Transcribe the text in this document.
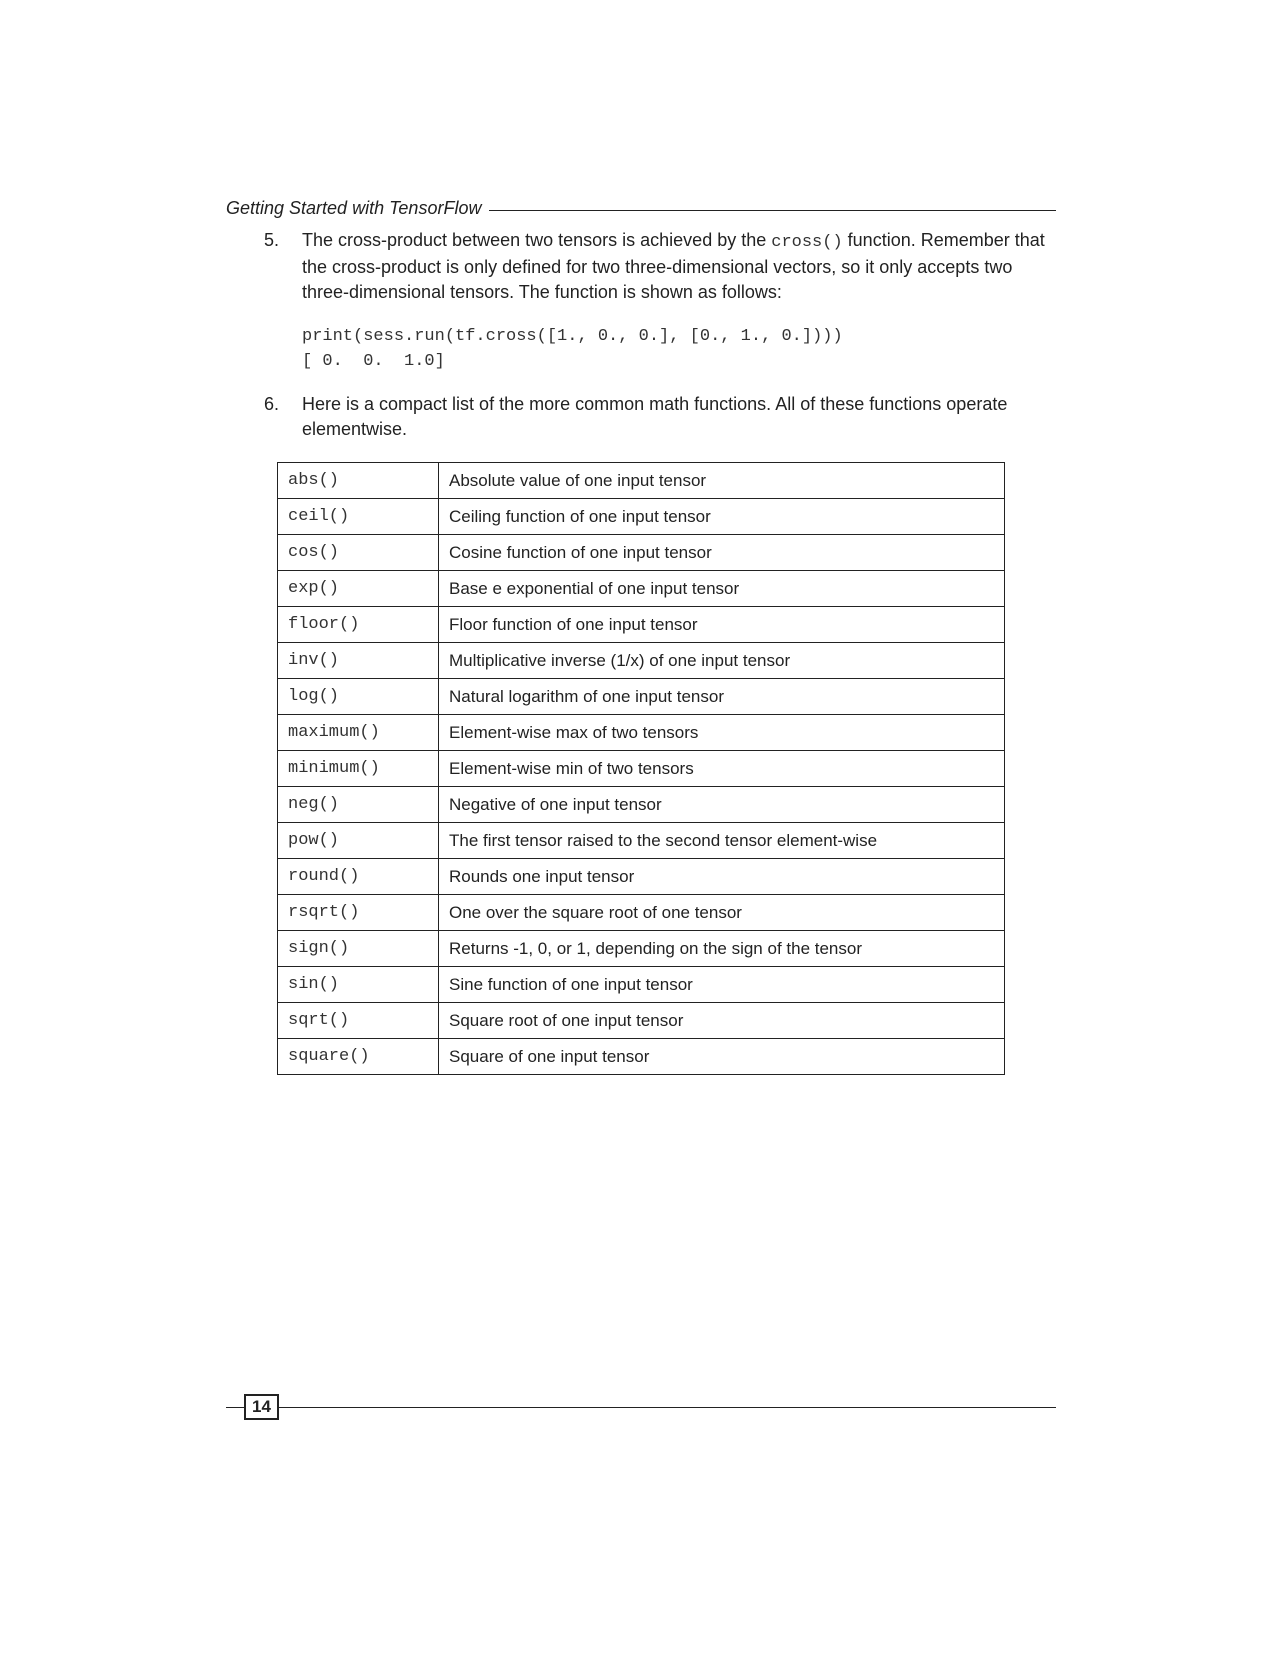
Getting Started with TensorFlow
5. The cross-product between two tensors is achieved by the cross() function. Remember that the cross-product is only defined for two three-dimensional vectors, so it only accepts two three-dimensional tensors. The function is shown as follows:
print(sess.run(tf.cross([1., 0., 0.], [0., 1., 0.])))
[ 0.  0.  1.0]
6. Here is a compact list of the more common math functions. All of these functions operate elementwise.
abs()	Absolute value of one input tensor
ceil()	Ceiling function of one input tensor
cos()	Cosine function of one input tensor
exp()	Base e exponential of one input tensor
floor()	Floor function of one input tensor
inv()	Multiplicative inverse (1/x) of one input tensor
log()	Natural logarithm of one input tensor
maximum()	Element-wise max of two tensors
minimum()	Element-wise min of two tensors
neg()	Negative of one input tensor
pow()	The first tensor raised to the second tensor element-wise
round()	Rounds one input tensor
rsqrt()	One over the square root of one tensor
sign()	Returns -1, 0, or 1, depending on the sign of the tensor
sin()	Sine function of one input tensor
sqrt()	Square root of one input tensor
square()	Square of one input tensor
14
